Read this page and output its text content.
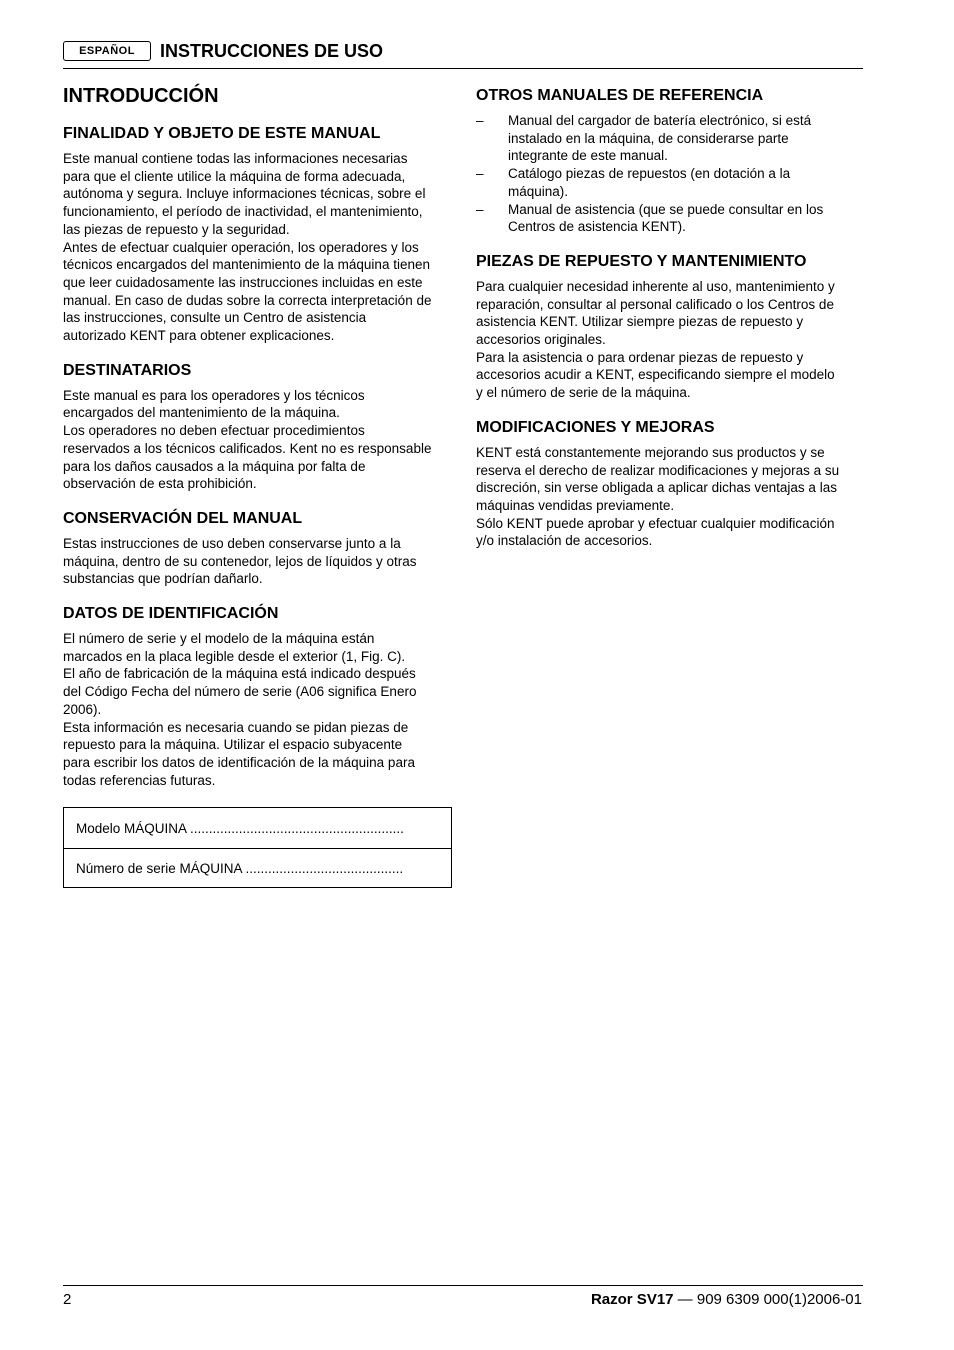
ESPAÑOL	INSTRUCCIONES DE USO
INTRODUCCIÓN
FINALIDAD Y OBJETO DE ESTE MANUAL
Este manual contiene todas las informaciones necesarias
para que el cliente utilice la máquina de forma adecuada,
autónoma y segura. Incluye informaciones técnicas, sobre el
funcionamiento, el período de inactividad, el mantenimiento,
las piezas de repuesto y la seguridad.
Antes de efectuar cualquier operación, los operadores y los
técnicos encargados del mantenimiento de la máquina tienen
que leer cuidadosamente las instrucciones incluidas en este
manual. En caso de dudas sobre la correcta interpretación de
las instrucciones, consulte un Centro de asistencia
autorizado KENT para obtener explicaciones.
DESTINATARIOS
Este manual es para los operadores y los técnicos
encargados del mantenimiento de la máquina.
Los operadores no deben efectuar procedimientos
reservados a los técnicos calificados. Kent no es responsable
para los daños causados a la máquina por falta de
observación de esta prohibición.
CONSERVACIÓN DEL MANUAL
Estas instrucciones de uso deben conservarse junto a la
máquina, dentro de su contenedor, lejos de líquidos y otras
substancias que podrían dañarlo.
DATOS DE IDENTIFICACIÓN
El número de serie y el modelo de la máquina están
marcados en la placa legible desde el exterior (1, Fig. C).
El año de fabricación de la máquina está indicado después
del Código Fecha del número de serie (A06 significa Enero
2006).
Esta información es necesaria cuando se pidan piezas de
repuesto para la máquina. Utilizar el espacio subyacente
para escribir los datos de identificación de la máquina para
todas referencias futuras.
Modelo MÁQUINA .........................................................
Número de serie MÁQUINA ..........................................
OTROS MANUALES DE REFERENCIA
– Manual del cargador de batería electrónico, si está
instalado en la máquina, de considerarse parte
integrante de este manual.
– Catálogo piezas de repuestos (en dotación a la
máquina).
– Manual de asistencia (que se puede consultar en los
Centros de asistencia KENT).
PIEZAS DE REPUESTO Y MANTENIMIENTO
Para cualquier necesidad inherente al uso, mantenimiento y
reparación, consultar al personal calificado o los Centros de
asistencia KENT. Utilizar siempre piezas de repuesto y
accesorios originales.
Para la asistencia o para ordenar piezas de repuesto y
accesorios acudir a KENT, especificando siempre el modelo
y el número de serie de la máquina.
MODIFICACIONES Y MEJORAS
KENT está constantemente mejorando sus productos y se
reserva el derecho de realizar modificaciones y mejoras a su
discreción, sin verse obligada a aplicar dichas ventajas a las
máquinas vendidas previamente.
Sólo KENT puede aprobar y efectuar cualquier modificación
y/o instalación de accesorios.
2	Razor SV17 — 909 6309 000(1)2006-01
